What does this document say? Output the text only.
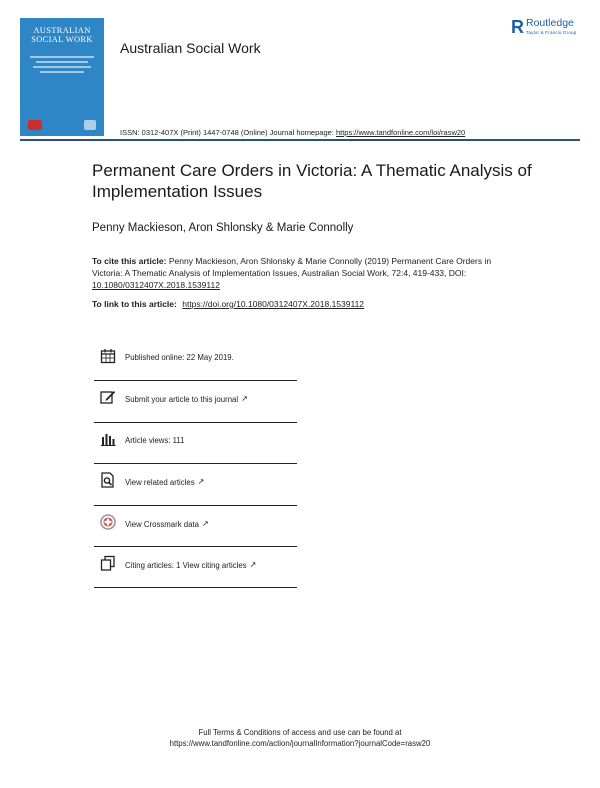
AUSTRALIAN
SOCIAL WORK
Australian Social Work
R Routledge
Taylor & Francis Group
ISSN: 0312-407X (Print) 1447-0748 (Online) Journal homepage: https://www.tandfonline.com/loi/rasw20
Permanent Care Orders in Victoria: A Thematic Analysis of Implementation Issues
Penny Mackieson, Aron Shlonsky & Marie Connolly
To cite this article: Penny Mackieson, Aron Shlonsky & Marie Connolly (2019) Permanent Care Orders in Victoria: A Thematic Analysis of Implementation Issues, Australian Social Work, 72:4, 419-433, DOI: 10.1080/0312407X.2018.1539112
To link to this article: https://doi.org/10.1080/0312407X.2018.1539112
Published online: 22 May 2019.
Submit your article to this journal ↗
Article views: 111
View related articles ↗
View Crossmark data ↗
Citing articles: 1 View citing articles ↗
Full Terms & Conditions of access and use can be found at
https://www.tandfonline.com/action/journalInformation?journalCode=rasw20
